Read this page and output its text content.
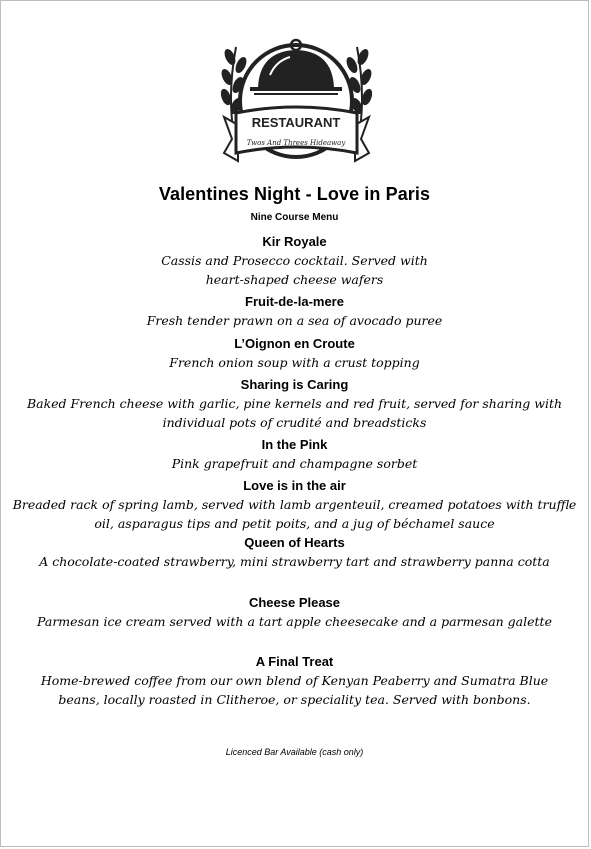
RESTAURANT
Twos And Threes Hideaway
Valentines Night - Love in Paris
Nine Course Menu
Kir Royale
Cassis and Prosecco cocktail. Served with heart-shaped cheese wafers
Fruit-de-la-mere
Fresh tender prawn on a sea of avocado puree
L’Oignon en Croute
French onion soup with a crust topping
Sharing is Caring
Baked French cheese with garlic, pine kernels and red fruit, served for sharing with individual pots of crudité and breadsticks
In the Pink
Pink grapefruit and champagne sorbet
Love is in the air
Breaded rack of spring lamb, served with lamb argenteuil, creamed potatoes with truffle oil, asparagus tips and petit poits, and a jug of béchamel sauce
Queen of Hearts
A chocolate-coated strawberry, mini strawberry tart and strawberry panna cotta
Cheese Please
Parmesan ice cream served with a tart apple cheesecake and a parmesan galette
A Final Treat
Home-brewed coffee from our own blend of Kenyan Peaberry and Sumatra Blue beans, locally roasted in Clitheroe, or speciality tea. Served with bonbons.
Licenced Bar Available (cash only)
